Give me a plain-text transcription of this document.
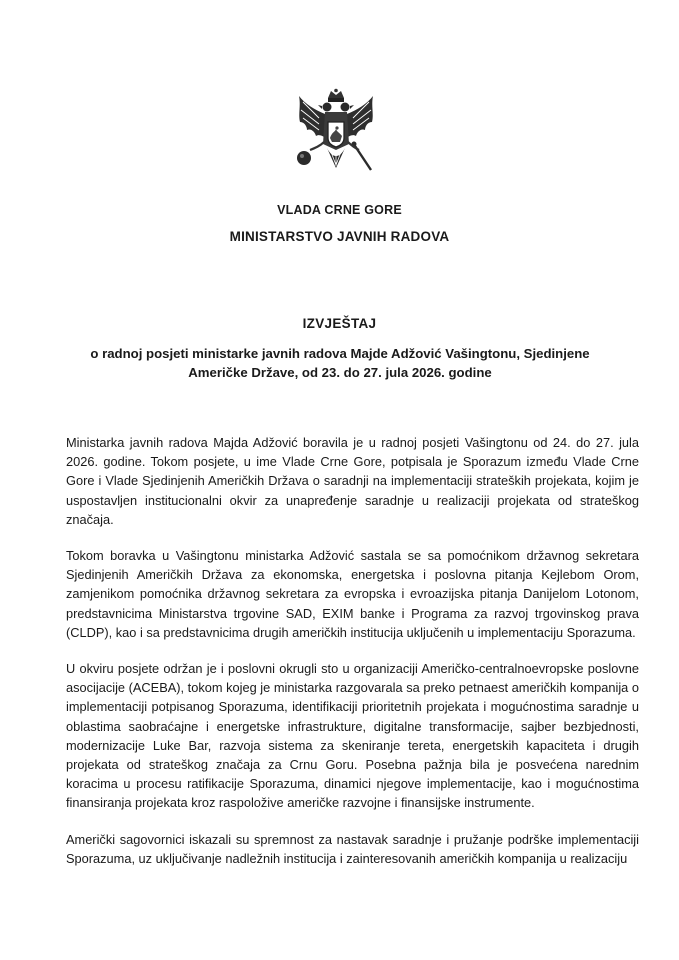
VLADA CRNE GORE
MINISTARSTVO JAVNIH RADOVA
IZVJEŠTAJ
o radnoj posjeti ministarke javnih radova Majde Adžović Vašingtonu, Sjedinjene Američke Države, od 23. do 27. jula 2026. godine

Ministarka javnih radova Majda Adžović boravila je u radnoj posjeti Vašingtonu od 24. do 27. jula 2026. godine. Tokom posjete, u ime Vlade Crne Gore, potpisala je Sporazum između Vlade Crne Gore i Vlade Sjedinjenih Američkih Država o saradnji na implementaciji strateških projekata, kojim je uspostavljen institucionalni okvir za unapređenje saradnje u realizaciji projekata od strateškog značaja.

Tokom boravka u Vašingtonu ministarka Adžović sastala se sa pomoćnikom državnog sekretara Sjedinjenih Američkih Država za ekonomska, energetska i poslovna pitanja Kejlebom Orom, zamjenikom pomoćnika državnog sekretara za evropska i evroazijska pitanja Danijelom Lotonom, predstavnicima Ministarstva trgovine SAD, EXIM banke i Programa za razvoj trgovinskog prava (CLDP), kao i sa predstavnicima drugih američkih institucija uključenih u implementaciju Sporazuma.

U okviru posjete održan je i poslovni okrugli sto u organizaciji Američko-centralnoevropske poslovne asocijacije (ACEBA), tokom kojeg je ministarka razgovarala sa preko petnaest američkih kompanija o implementaciji potpisanog Sporazuma, identifikaciji prioritetnih projekata i mogućnostima saradnje u oblastima saobraćajne i energetske infrastrukture, digitalne transformacije, sajber bezbjednosti, modernizacije Luke Bar, razvoja sistema za skeniranje tereta, energetskih kapaciteta i drugih projekata od strateškog značaja za Crnu Goru. Posebna pažnja bila je posvećena narednim koracima u procesu ratifikacije Sporazuma, dinamici njegove implementacije, kao i mogućnostima finansiranja projekata kroz raspoložive američke razvojne i finansijske instrumente.

Američki sagovornici iskazali su spremnost za nastavak saradnje i pružanje podrške implementaciji Sporazuma, uz uključivanje nadležnih institucija i zainteresovanih američkih kompanija u realizaciju
